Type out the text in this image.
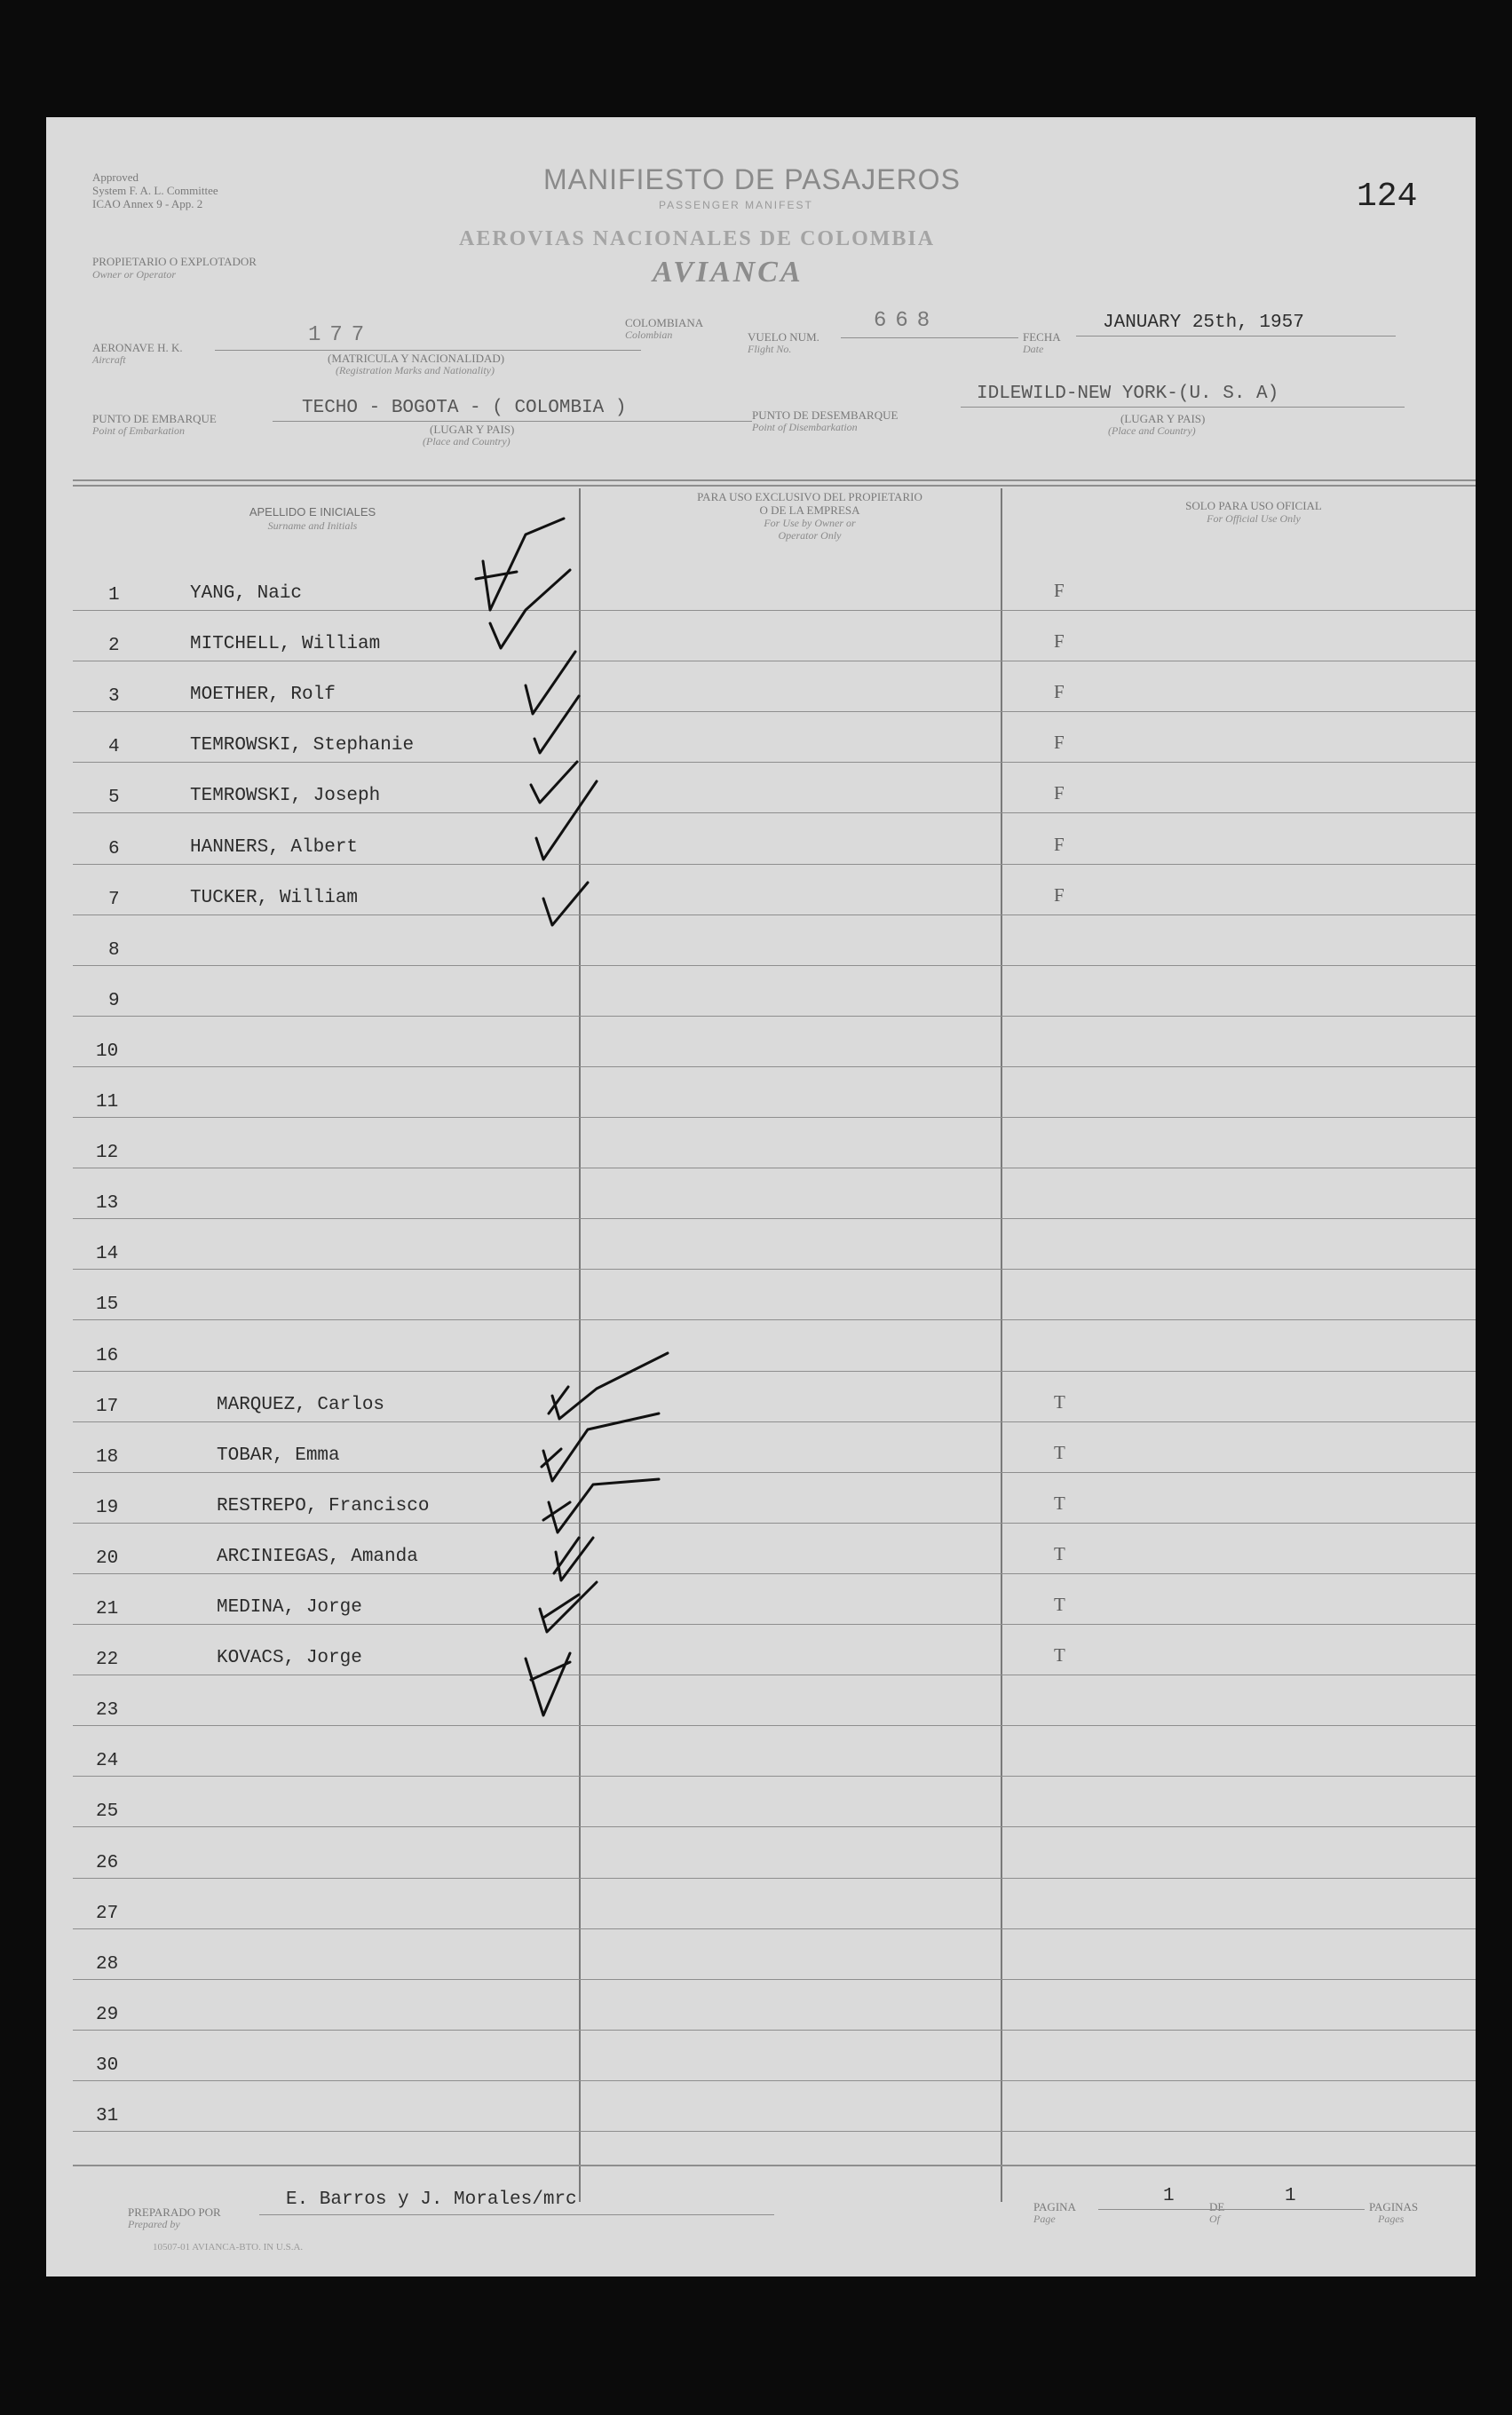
Approved
System F. A. L. Committee
ICAO Annex 9 - App. 2
PROPIETARIO O EXPLOTADOR
Owner or Operator
MANIFIESTO DE PASAJEROS
PASSENGER MANIFEST
AEROVIAS NACIONALES DE COLOMBIA
AVIANCA
124
AERONAVE H. K.
Aircraft
177
(MATRICULA Y NACIONALIDAD)
(Registration Marks and Nationality)
COLOMBIANA
Colombian	VUELO NUM.
Flight No.
668
FECHA
Date
JANUARY 25th, 1957
PUNTO DE EMBARQUE
Point of Embarkation
TECHO - BOGOTA - ( COLOMBIA )
(LUGAR Y PAIS)
(Place and Country)
PUNTO DE DESEMBARQUE
Point of Disembarkation
IDLEWILD-NEW YORK-(U. S. A)
(LUGAR Y PAIS)
(Place and Country)
APELLIDO E INICIALES
Surname and Initials
PARA USO EXCLUSIVO DEL PROPIETARIO
O DE LA EMPRESA
For Use by Owner or
Operator Only
SOLO PARA USO OFICIAL
For Official Use Only
1	YANG, Naic	F
2	MITCHELL, William	F
3	MOETHER, Rolf	F
4	TEMROWSKI, Stephanie	F
5	TEMROWSKI, Joseph	F
6	HANNERS, Albert	F
7	TUCKER, William	F
8
9
10
11
12
13
14
15
16
17	MARQUEZ, Carlos	T
18	TOBAR, Emma	T
19	RESTREPO, Francisco	T
20	ARCINIEGAS, Amanda	T
21	MEDINA, Jorge	T
22	KOVACS, Jorge	T
23
24
25
26
27
28
29
30
31
PREPARADO POR
Prepared by
E. Barros y J. Morales/mrc	PAGINA
Page
1
DE
Of
1
PAGINAS
Pages
10507-01 AVIANCA-BTO. IN U.S.A.
